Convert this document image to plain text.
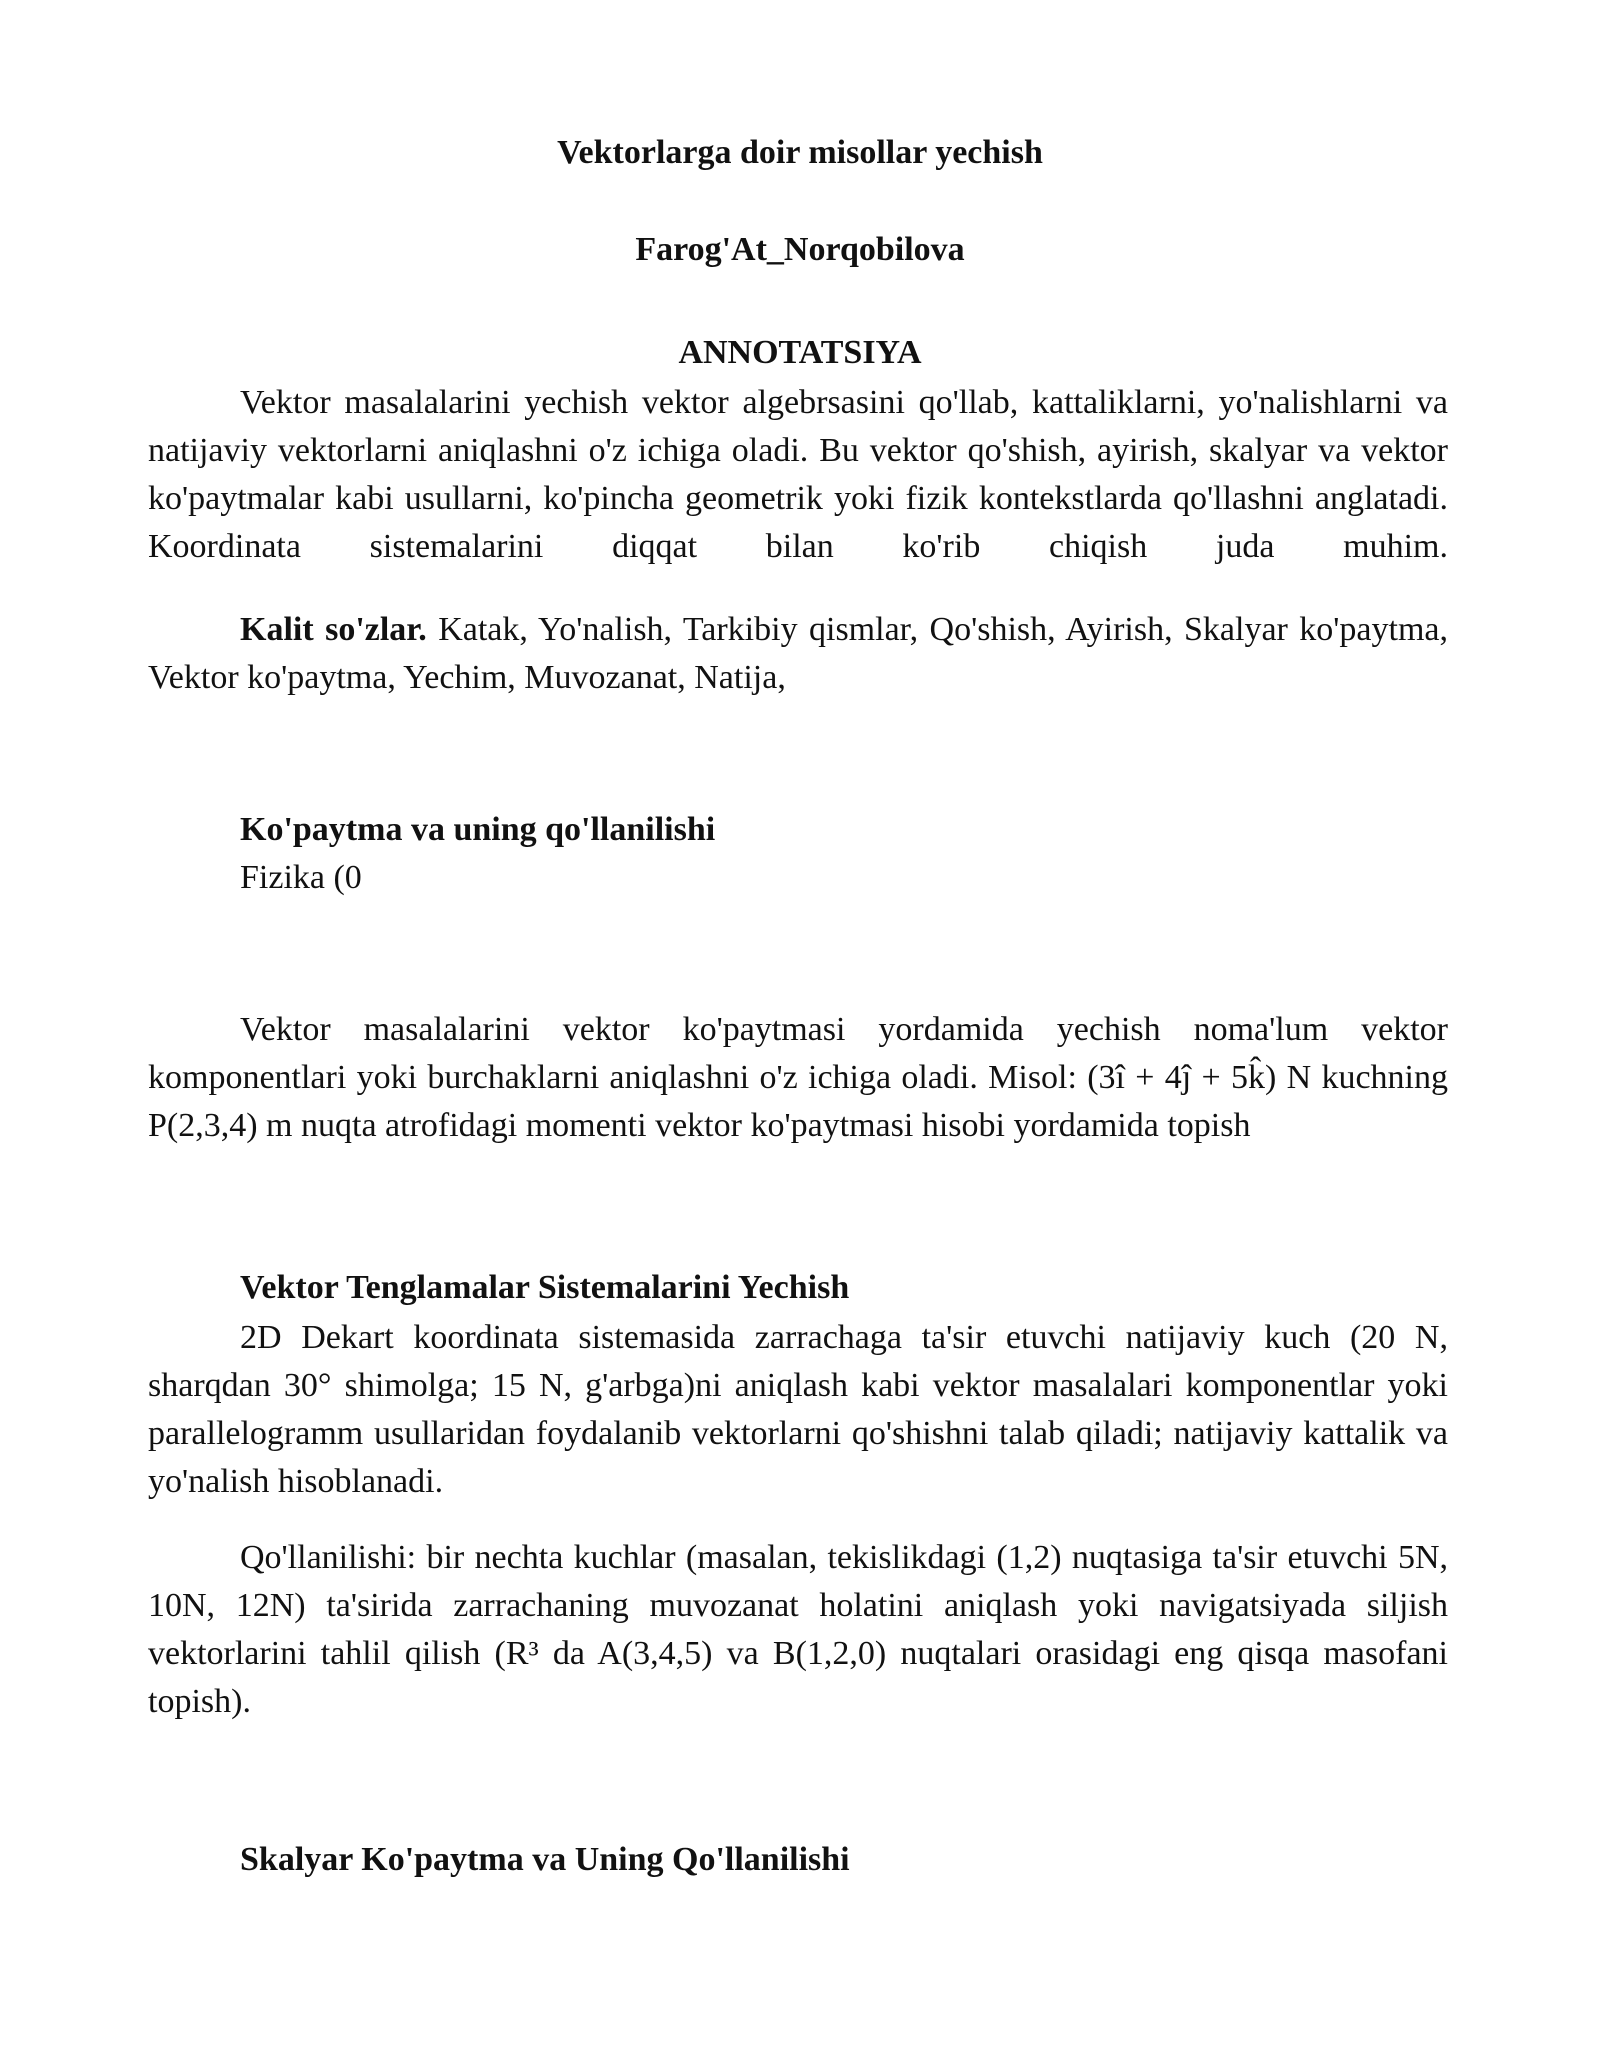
Vektorlarga doir misollar yechish
Farog'At_Norqobilova
ANNOTATSIYA
Vektor masalalarini yechish vektor algebrsasini qo'llab, kattaliklarni, yo'nalishlarni va natijaviy vektorlarni aniqlashni o'z ichiga oladi. Bu vektor qo'shish, ayirish, skalyar va vektor ko'paytmalar kabi usullarni, ko'pincha geometrik yoki fizik kontekstlarda qo'llashni anglatadi. Koordinata sistemalarini diqqat bilan ko'rib chiqish juda muhim.
Kalit so'zlar. Katak, Yo'nalish, Tarkibiy qismlar, Qo'shish, Ayirish, Skalyar ko'paytma, Vektor ko'paytma, Yechim, Muvozanat, Natija,
Ko'paytma va uning qo'llanilishi
Fizika (0
Vektor masalalarini vektor ko'paytmasi yordamida yechish noma'lum vektor komponentlari yoki burchaklarni aniqlashni o'z ichiga oladi. Misol: (3î + 4ĵ + 5k̂) N kuchning P(2,3,4) m nuqta atrofidagi momenti vektor ko'paytmasi hisobi yordamida topish
Vektor Tenglamalar Sistemalarini Yechish
2D Dekart koordinata sistemasida zarrachaga ta'sir etuvchi natijaviy kuch (20 N, sharqdan 30° shimolga; 15 N, g'arbga)ni aniqlash kabi vektor masalalari komponentlar yoki parallelogramm usullaridan foydalanib vektorlarni qo'shishni talab qiladi; natijaviy kattalik va yo'nalish hisoblanadi.
Qo'llanilishi: bir nechta kuchlar (masalan, tekislikdagi (1,2) nuqtasiga ta'sir etuvchi 5N, 10N, 12N) ta'sirida zarrachaning muvozanat holatini aniqlash yoki navigatsiyada siljish vektorlarini tahlil qilish (R³ da A(3,4,5) va B(1,2,0) nuqtalari orasidagi eng qisqa masofani topish).
Skalyar Ko'paytma va Uning Qo'llanilishi
